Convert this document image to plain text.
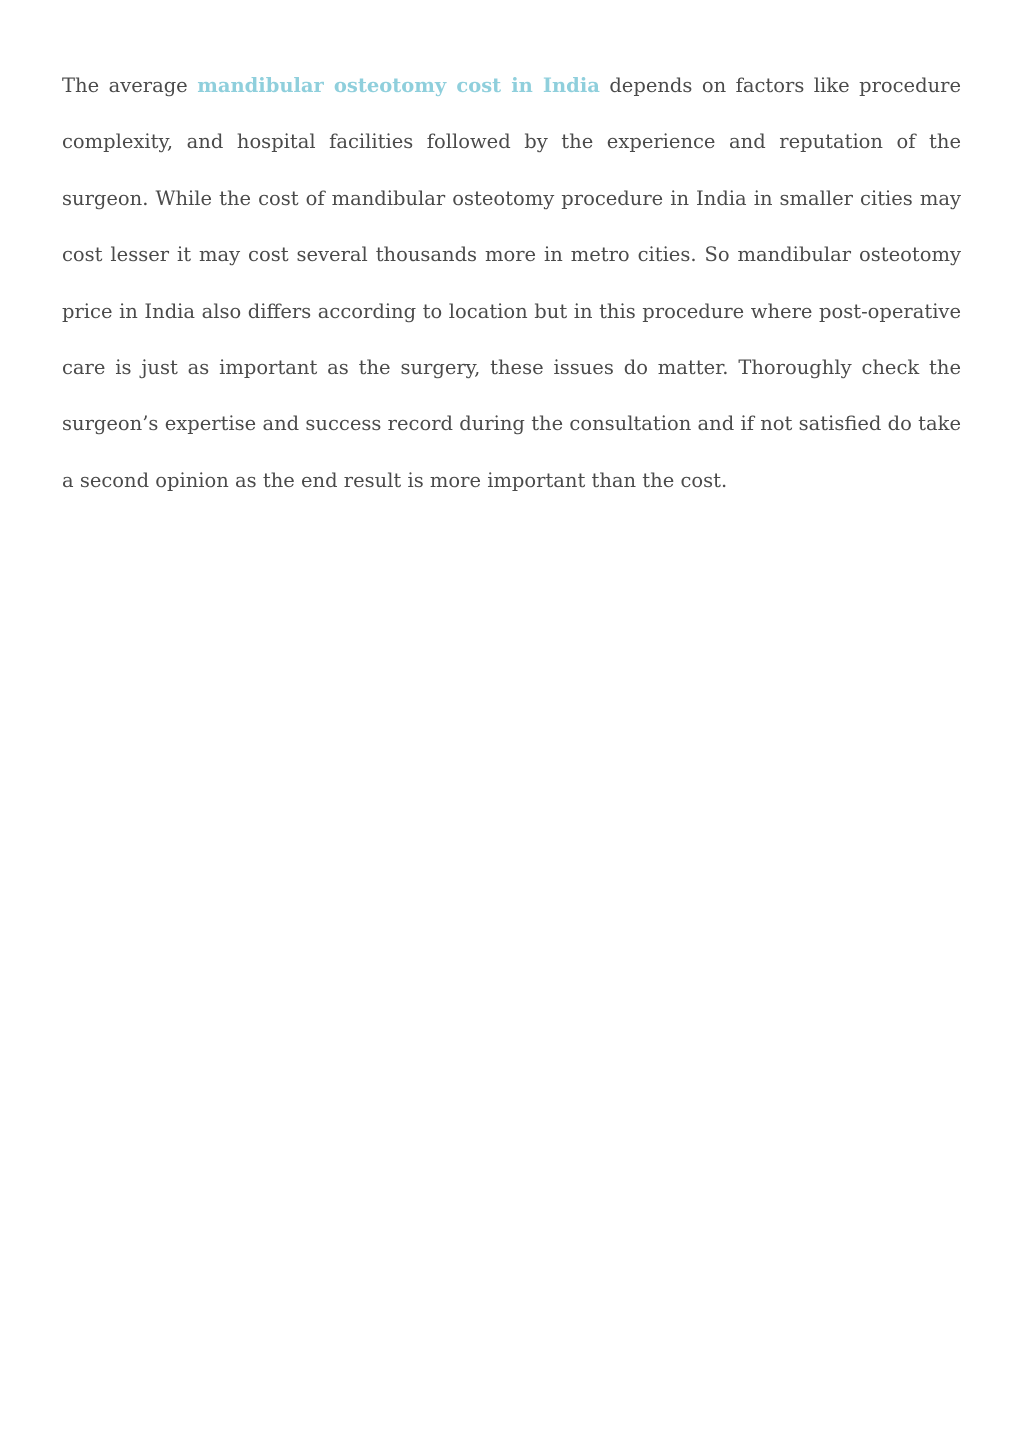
The average mandibular osteotomy cost in India depends on factors like procedure complexity, and hospital facilities followed by the experience and reputation of the surgeon. While the cost of mandibular osteotomy procedure in India in smaller cities may cost lesser it may cost several thousands more in metro cities. So mandibular osteotomy price in India also differs according to location but in this procedure where post-operative care is just as important as the surgery, these issues do matter. Thoroughly check the surgeon’s expertise and success record during the consultation and if not satisfied do take a second opinion as the end result is more important than the cost.
